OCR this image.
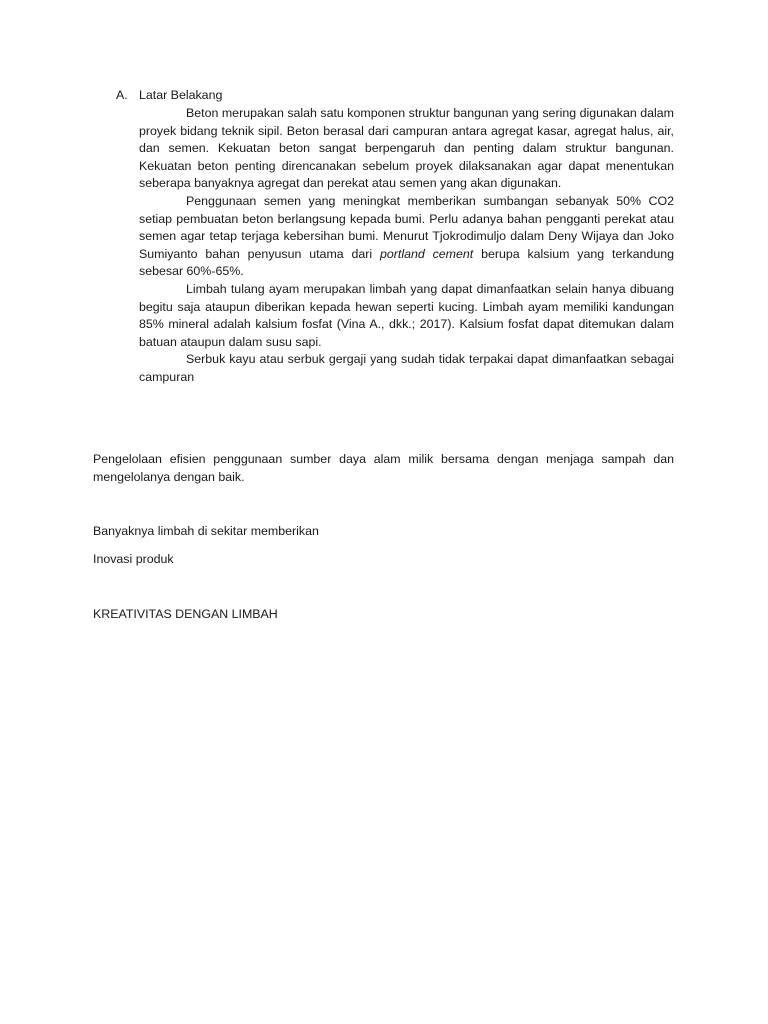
A. Latar Belakang

Beton merupakan salah satu komponen struktur bangunan yang sering digunakan dalam proyek bidang teknik sipil. Beton berasal dari campuran antara agregat kasar, agregat halus, air, dan semen. Kekuatan beton sangat berpengaruh dan penting dalam struktur bangunan. Kekuatan beton penting direncanakan sebelum proyek dilaksanakan agar dapat menentukan seberapa banyaknya agregat dan perekat atau semen yang akan digunakan.

Penggunaan semen yang meningkat memberikan sumbangan sebanyak 50% CO2 setiap pembuatan beton berlangsung kepada bumi. Perlu adanya bahan pengganti perekat atau semen agar tetap terjaga kebersihan bumi. Menurut Tjokrodimuljo dalam Deny Wijaya dan Joko Sumiyanto bahan penyusun utama dari portland cement berupa kalsium yang terkandung sebesar 60%-65%.

Limbah tulang ayam merupakan limbah yang dapat dimanfaatkan selain hanya dibuang begitu saja ataupun diberikan kepada hewan seperti kucing. Limbah ayam memiliki kandungan 85% mineral adalah kalsium fosfat (Vina A., dkk.; 2017). Kalsium fosfat dapat ditemukan dalam batuan ataupun dalam susu sapi.

Serbuk kayu atau serbuk gergaji yang sudah tidak terpakai dapat dimanfaatkan sebagai campuran

Pengelolaan efisien penggunaan sumber daya alam milik bersama dengan menjaga sampah dan mengelolanya dengan baik.

Banyaknya limbah di sekitar memberikan

Inovasi produk

KREATIVITAS DENGAN LIMBAH
